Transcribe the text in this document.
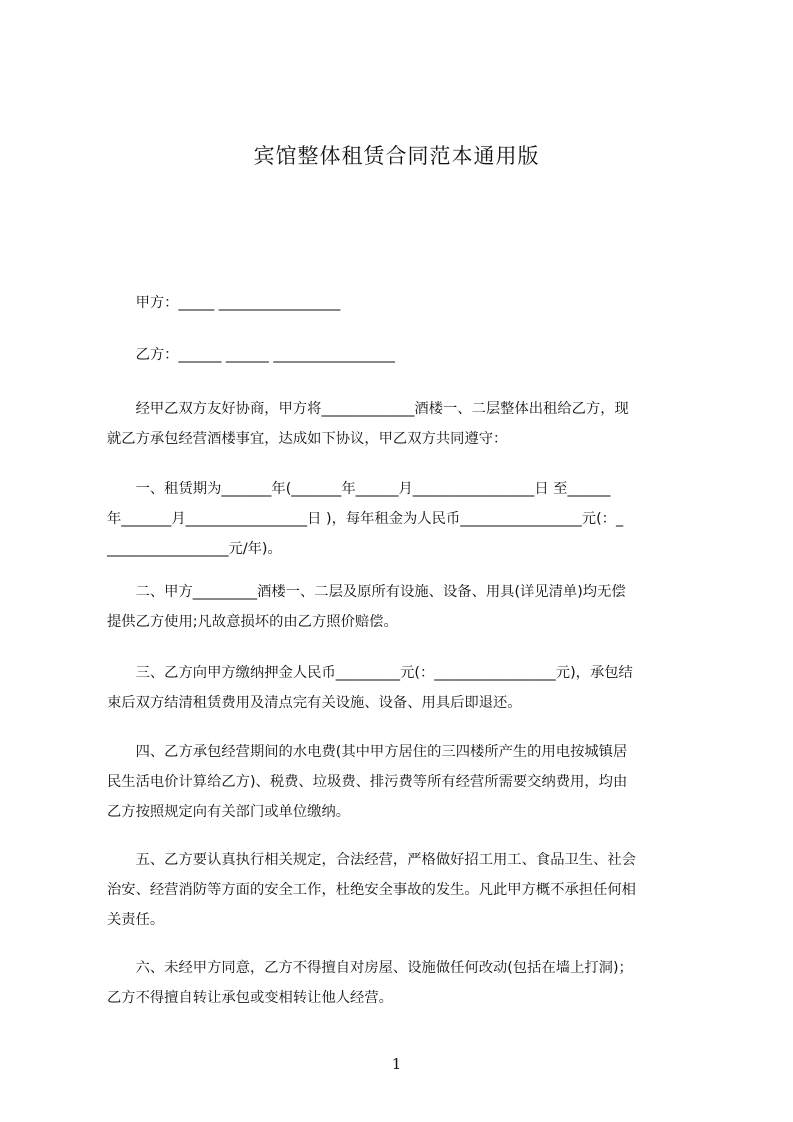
宾馆整体租赁合同范本通用版
　　甲方：_____ _________________
　　乙方：______ ______ _________________
　　经甲乙双方友好协商，甲方将_____________酒楼一、二层整体出租给乙方，现
就乙方承包经营酒楼事宜，达成如下协议，甲乙双方共同遵守：
　　一、租赁期为_______年(_______年______月_________________日 至______
年_______月_________________日 )，每年租金为人民币_________________元(：_
_________________元/年)。
　　二、甲方_________酒楼一、二层及原所有设施、设备、用具(详见清单)均无偿
提供乙方使用;凡故意损坏的由乙方照价赔偿。
　　三、乙方向甲方缴纳押金人民币_________元(：_________________元)，承包结
束后双方结清租赁费用及清点完有关设施、设备、用具后即退还。
　　四、乙方承包经营期间的水电费(其中甲方居住的三四楼所产生的用电按城镇居
民生活电价计算给乙方)、税费、垃圾费、排污费等所有经营所需要交纳费用，均由
乙方按照规定向有关部门或单位缴纳。
　　五、乙方要认真执行相关规定，合法经营，严格做好招工用工、食品卫生、社会
治安、经营消防等方面的安全工作，杜绝安全事故的发生。凡此甲方概不承担任何相
关责任。
　　六、未经甲方同意，乙方不得擅自对房屋、设施做任何改动(包括在墙上打洞)；
乙方不得擅自转让承包或变相转让他人经营。
1
